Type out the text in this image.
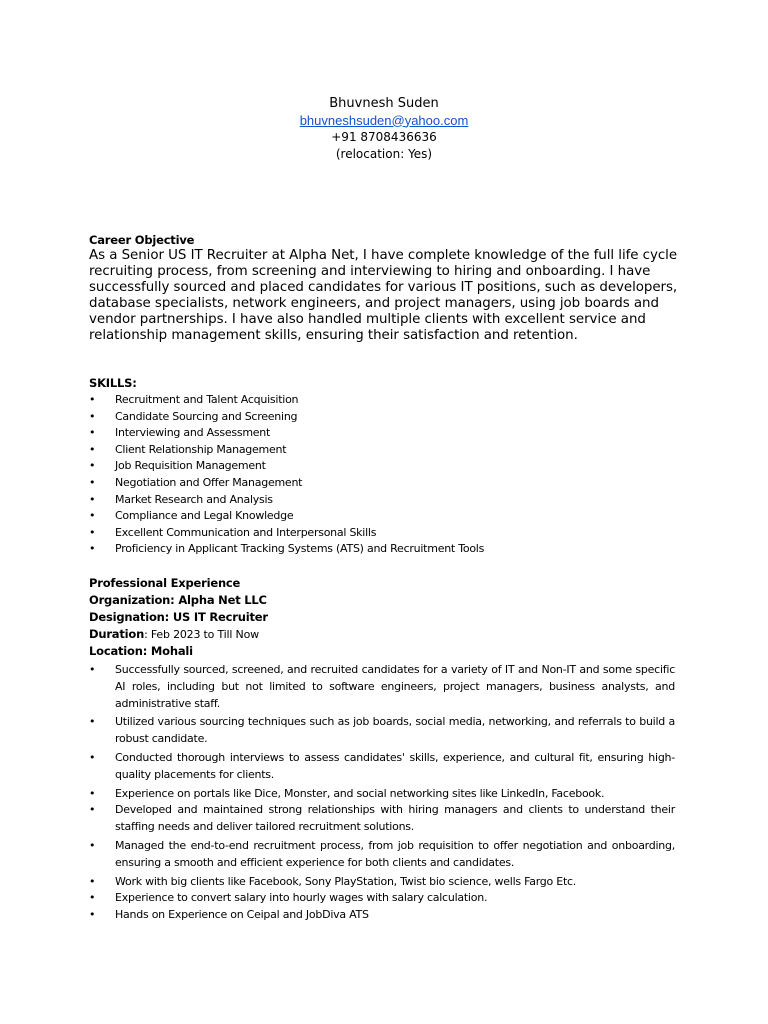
Bhuvnesh Suden
bhuvneshsuden@yahoo.com
+91 8708436636
(relocation: Yes)
Career Objective
As a Senior US IT Recruiter at Alpha Net, I have complete knowledge of the full life cycle recruiting process, from screening and interviewing to hiring and onboarding. I have successfully sourced and placed candidates for various IT positions, such as developers, database specialists, network engineers, and project managers, using job boards and vendor partnerships. I have also handled multiple clients with excellent service and relationship management skills, ensuring their satisfaction and retention.
SKILLS:
• Recruitment and Talent Acquisition
• Candidate Sourcing and Screening
• Interviewing and Assessment
• Client Relationship Management
• Job Requisition Management
• Negotiation and Offer Management
• Market Research and Analysis
• Compliance and Legal Knowledge
• Excellent Communication and Interpersonal Skills
• Proficiency in Applicant Tracking Systems (ATS) and Recruitment Tools
Professional Experience
Organization: Alpha Net LLC
Designation: US IT Recruiter
Duration: Feb 2023 to Till Now
Location: Mohali
• Successfully sourced, screened, and recruited candidates for a variety of IT and Non-IT and some specific AI roles, including but not limited to software engineers, project managers, business analysts, and administrative staff.
• Utilized various sourcing techniques such as job boards, social media, networking, and referrals to build a robust candidate.
• Conducted thorough interviews to assess candidates' skills, experience, and cultural fit, ensuring high-quality placements for clients.
• Experience on portals like Dice, Monster, and social networking sites like LinkedIn, Facebook.
• Developed and maintained strong relationships with hiring managers and clients to understand their staffing needs and deliver tailored recruitment solutions.
• Managed the end-to-end recruitment process, from job requisition to offer negotiation and onboarding, ensuring a smooth and efficient experience for both clients and candidates.
• Work with big clients like Facebook, Sony PlayStation, Twist bio science, wells Fargo Etc.
• Experience to convert salary into hourly wages with salary calculation.
• Hands on Experience on Ceipal and JobDiva ATS
